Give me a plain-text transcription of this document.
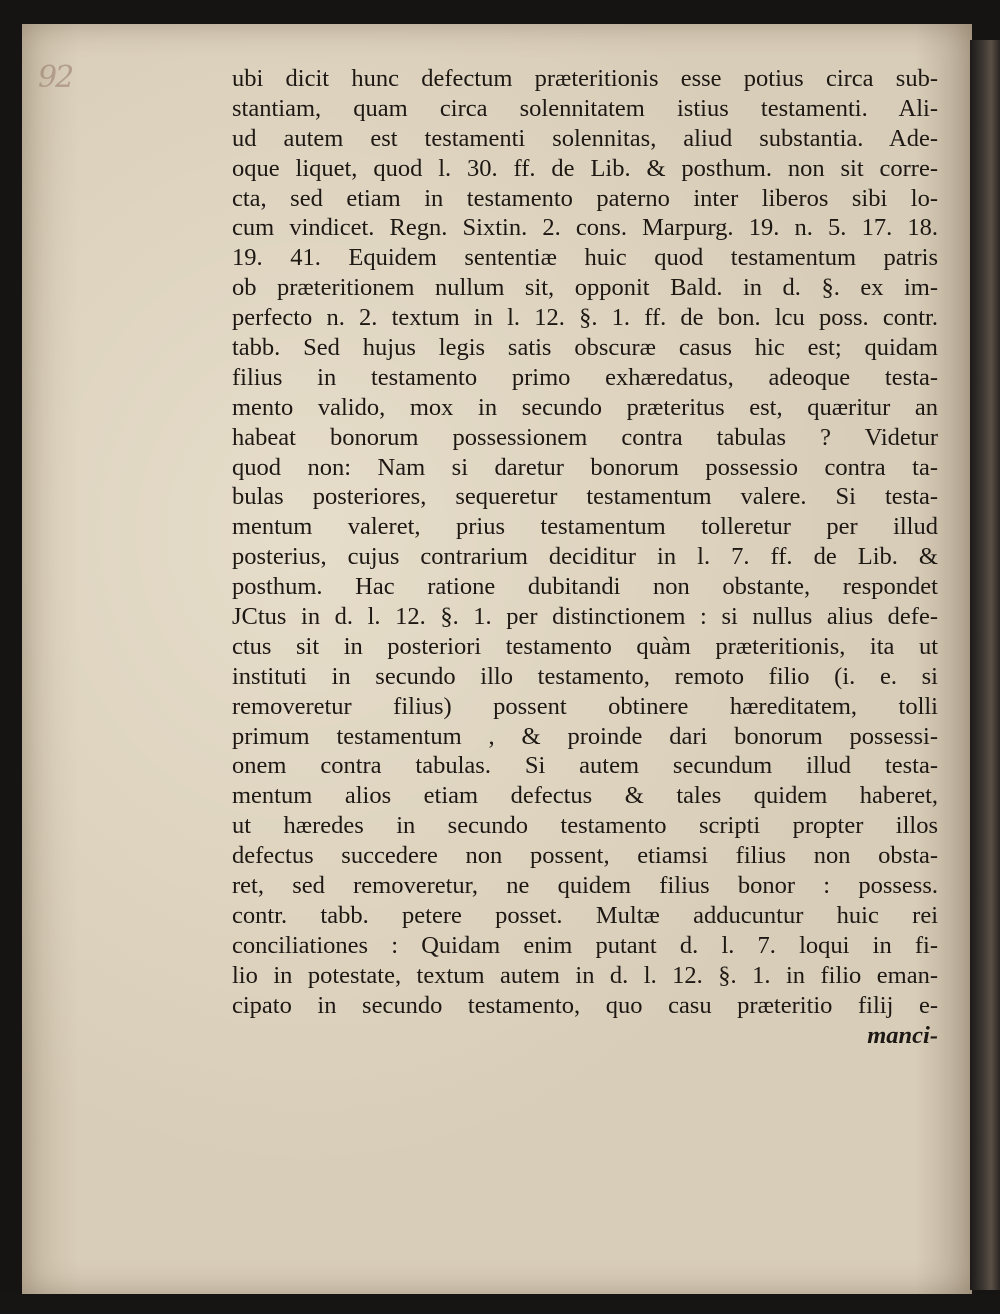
92	ubi dicit hunc defectum præteritionis esse potius circa sub-
stantiam, quam circa solennitatem istius testamenti. Ali-
ud autem est testamenti solennitas, aliud substantia. Ade-
oque liquet, quod l. 30. ff. de Lib. & posthum. non sit corre-
cta, sed etiam in testamento paterno inter liberos sibi lo-
cum vindicet. Regn. Sixtin. 2. cons. Marpurg. 19. n. 5. 17. 18.
19. 41. Equidem sententiæ huic quod testamentum patris
ob præteritionem nullum sit, opponit Bald. in d. §. ex im-
perfecto n. 2. textum in l. 12. §. 1. ff. de bon. lcu poss. contr.
tabb. Sed hujus legis satis obscuræ casus hic est; quidam
filius in testamento primo exhæredatus, adeoque testa-
mento valido, mox in secundo præteritus est, quæritur an
habeat bonorum possessionem contra tabulas ? Videtur
quod non: Nam si daretur bonorum possessio contra ta-
bulas posteriores, sequeretur testamentum valere. Si testa-
mentum valeret, prius testamentum tolleretur per illud
posterius, cujus contrarium deciditur in l. 7. ff. de Lib. &
posthum. Hac ratione dubitandi non obstante, respondet
JCtus in d. l. 12. §. 1. per distinctionem : si nullus alius defe-
ctus sit in posteriori testamento quàm præteritionis, ita ut
instituti in secundo illo testamento, remoto filio (i. e. si
removeretur filius) possent obtinere hæreditatem, tolli
primum testamentum , & proinde dari bonorum possessi-
onem contra tabulas. Si autem secundum illud testa-
mentum alios etiam defectus & tales quidem haberet,
ut hæredes in secundo testamento scripti propter illos
defectus succedere non possent, etiamsi filius non obsta-
ret, sed removeretur, ne quidem filius bonor : possess.
contr. tabb. petere posset. Multæ adducuntur huic rei
conciliationes : Quidam enim putant d. l. 7. loqui in fi-
lio in potestate, textum autem in d. l. 12. §. 1. in filio eman-
cipato in secundo testamento, quo casu præteritio filij e-
manci-
